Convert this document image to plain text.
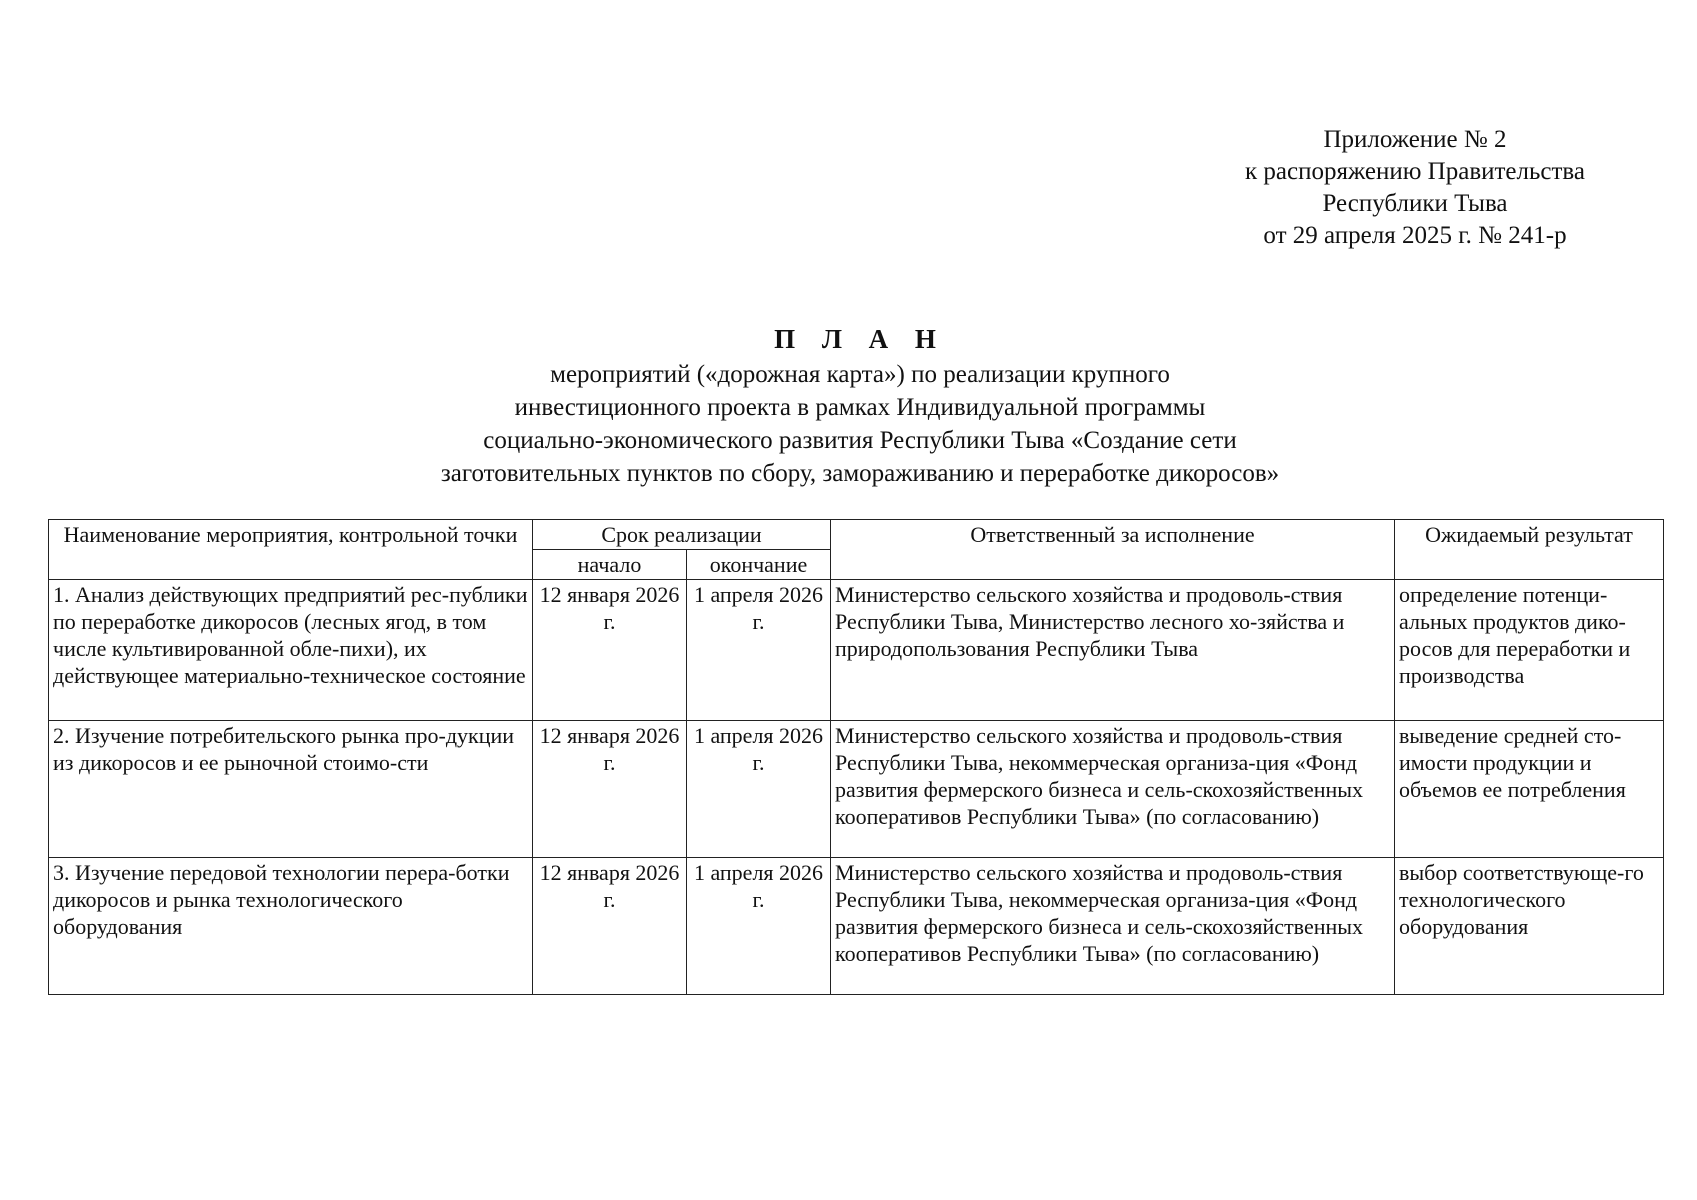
Приложение № 2
к распоряжению Правительства
Республики Тыва
от 29 апреля 2025 г. № 241-р
П Л А Н
мероприятий («дорожная карта») по реализации крупного
инвестиционного проекта в рамках Индивидуальной программы
социально-экономического развития Республики Тыва «Создание сети
заготовительных пунктов по сбору, замораживанию и переработке дикоросов»
Наименование мероприятия, контрольной точки	Срок реализации		Ответственный за исполнение	Ожидаемый результат
	начало	окончание		
1. Анализ действующих предприятий рес-публики по переработке дикоросов (лесных ягод, в том числе культивированной обле-пихи), их действующее материально-техническое состояние	12 января 2026 г.	1 апреля 2026 г.	Министерство сельского хозяйства и продоволь-ствия Республики Тыва, Министерство лесного хо-зяйства и природопользования Республики Тыва	определение потенци-альных продуктов дико-росов для переработки и производства
2. Изучение потребительского рынка про-дукции из дикоросов и ее рыночной стоимо-сти	12 января 2026 г.	1 апреля 2026 г.	Министерство сельского хозяйства и продоволь-ствия Республики Тыва, некоммерческая организа-ция «Фонд развития фермерского бизнеса и сель-скохозяйственных кооперативов Республики Тыва» (по согласованию)	выведение средней сто-имости продукции и объемов ее потребления
3. Изучение передовой технологии перера-ботки дикоросов и рынка технологического оборудования	12 января 2026 г.	1 апреля 2026 г.	Министерство сельского хозяйства и продоволь-ствия Республики Тыва, некоммерческая организа-ция «Фонд развития фермерского бизнеса и сель-скохозяйственных кооперативов Республики Тыва» (по согласованию)	выбор соответствующе-го технологического оборудования
